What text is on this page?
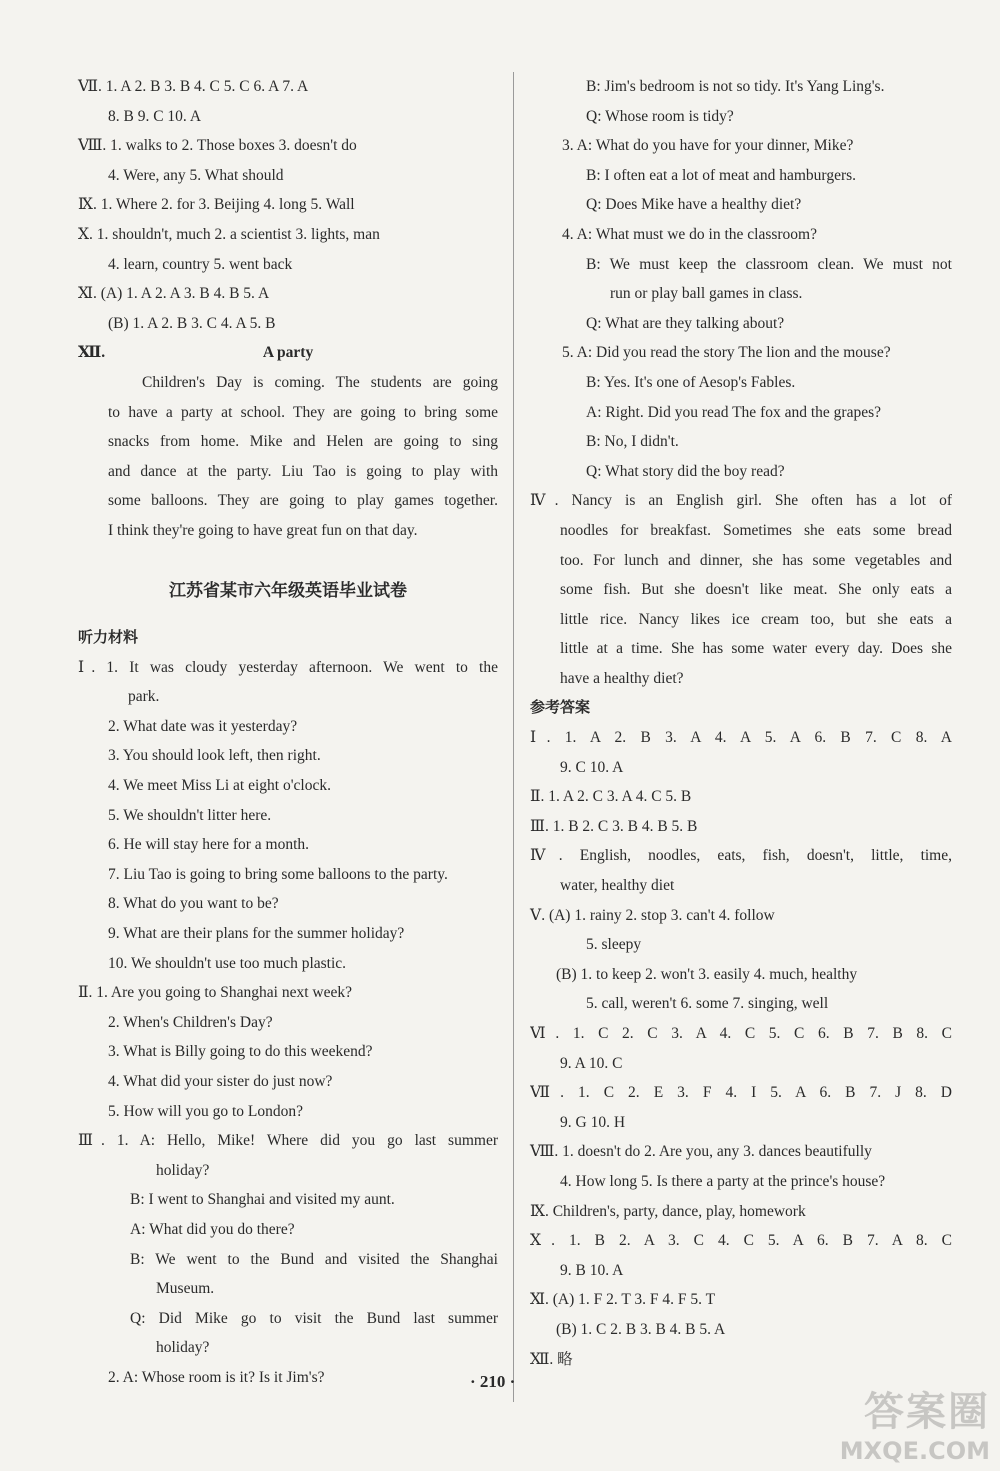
Ⅶ. 1. A 2. B 3. B 4. C 5. C 6. A 7. A
8. B 9. C 10. A
Ⅷ. 1. walks to 2. Those boxes 3. doesn't do
4. Were, any 5. What should
Ⅸ. 1. Where 2. for 3. Beijing 4. long 5. Wall
Ⅹ. 1. shouldn't, much 2. a scientist 3. lights, man
4. learn, country 5. went back
Ⅺ. (A) 1. A 2. A 3. B 4. B 5. A
(B) 1. A 2. B 3. C 4. A 5. B
Ⅻ.	A party
Children's Day is coming. The students are going
to have a party at school. They are going to bring some
snacks from home. Mike and Helen are going to sing
and dance at the party. Liu Tao is going to play with
some balloons. They are going to play games together.
I think they're going to have great fun on that day.
江苏省某市六年级英语毕业试卷
听力材料
Ⅰ. 1. It was cloudy yesterday afternoon. We went to the
park.
2. What date was it yesterday?
3. You should look left, then right.
4. We meet Miss Li at eight o'clock.
5. We shouldn't litter here.
6. He will stay here for a month.
7. Liu Tao is going to bring some balloons to the party.
8. What do you want to be?
9. What are their plans for the summer holiday?
10. We shouldn't use too much plastic.
Ⅱ. 1. Are you going to Shanghai next week?
2. When's Children's Day?
3. What is Billy going to do this weekend?
4. What did your sister do just now?
5. How will you go to London?
Ⅲ. 1. A: Hello, Mike! Where did you go last summer
holiday?
B: I went to Shanghai and visited my aunt.
A: What did you do there?
B: We went to the Bund and visited the Shanghai
Museum.
Q: Did Mike go to visit the Bund last summer
holiday?
2. A: Whose room is it? Is it Jim's?
B: Jim's bedroom is not so tidy. It's Yang Ling's.
Q: Whose room is tidy?
3. A: What do you have for your dinner, Mike?
B: I often eat a lot of meat and hamburgers.
Q: Does Mike have a healthy diet?
4. A: What must we do in the classroom?
B: We must keep the classroom clean. We must not
run or play ball games in class.
Q: What are they talking about?
5. A: Did you read the story The lion and the mouse?
B: Yes. It's one of Aesop's Fables.
A: Right. Did you read The fox and the grapes?
B: No, I didn't.
Q: What story did the boy read?
Ⅳ. Nancy is an English girl. She often has a lot of
noodles for breakfast. Sometimes she eats some bread
too. For lunch and dinner, she has some vegetables and
some fish. But she doesn't like meat. She only eats a
little rice. Nancy likes ice cream too, but she eats a
little at a time. She has some water every day. Does she
have a healthy diet?
参考答案
Ⅰ. 1. A 2. B 3. A 4. A 5. A 6. B 7. C 8. A
9. C 10. A
Ⅱ. 1. A 2. C 3. A 4. C 5. B
Ⅲ. 1. B 2. C 3. B 4. B 5. B
Ⅳ. English, noodles, eats, fish, doesn't, little, time,
water, healthy diet
Ⅴ. (A) 1. rainy 2. stop 3. can't 4. follow
5. sleepy
(B) 1. to keep 2. won't 3. easily 4. much, healthy
5. call, weren't 6. some 7. singing, well
Ⅵ. 1. C 2. C 3. A 4. C 5. C 6. B 7. B 8. C
9. A 10. C
Ⅶ. 1. C 2. E 3. F 4. I 5. A 6. B 7. J 8. D
9. G 10. H
Ⅷ. 1. doesn't do 2. Are you, any 3. dances beautifully
4. How long 5. Is there a party at the prince's house?
Ⅸ. Children's, party, dance, play, homework
Ⅹ. 1. B 2. A 3. C 4. C 5. A 6. B 7. A 8. C
9. B 10. A
Ⅺ. (A) 1. F 2. T 3. F 4. F 5. T
(B) 1. C 2. B 3. B 4. B 5. A
Ⅻ. 略
· 210 ·
答案圈
MXQE.COM
